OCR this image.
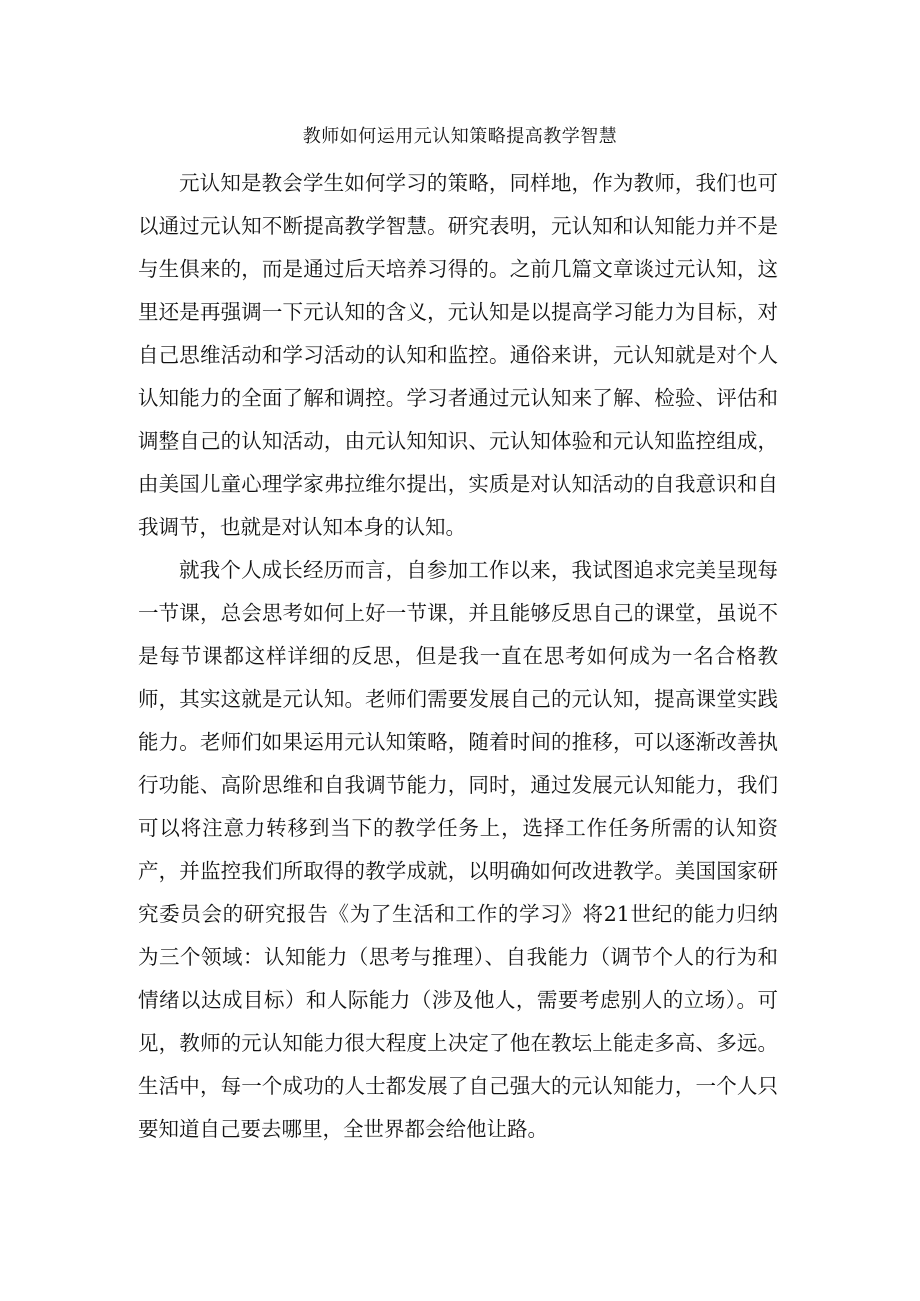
教师如何运用元认知策略提高教学智慧

元认知是教会学生如何学习的策略，同样地，作为教师，我们也可以通过元认知不断提高教学智慧。研究表明，元认知和认知能力并不是与生俱来的，而是通过后天培养习得的。之前几篇文章谈过元认知，这里还是再强调一下元认知的含义，元认知是以提高学习能力为目标，对自己思维活动和学习活动的认知和监控。通俗来讲，元认知就是对个人认知能力的全面了解和调控。学习者通过元认知来了解、检验、评估和调整自己的认知活动，由元认知知识、元认知体验和元认知监控组成，由美国儿童心理学家弗拉维尔提出，实质是对认知活动的自我意识和自我调节，也就是对认知本身的认知。

就我个人成长经历而言，自参加工作以来，我试图追求完美呈现每一节课，总会思考如何上好一节课，并且能够反思自己的课堂，虽说不是每节课都这样详细的反思，但是我一直在思考如何成为一名合格教师，其实这就是元认知。老师们需要发展自己的元认知，提高课堂实践能力。老师们如果运用元认知策略，随着时间的推移，可以逐渐改善执行功能、高阶思维和自我调节能力，同时，通过发展元认知能力，我们可以将注意力转移到当下的教学任务上，选择工作任务所需的认知资产，并监控我们所取得的教学成就，以明确如何改进教学。美国国家研究委员会的研究报告《为了生活和工作的学习》将21世纪的能力归纳为三个领域：认知能力（思考与推理）、自我能力（调节个人的行为和情绪以达成目标）和人际能力（涉及他人，需要考虑别人的立场）。可见，教师的元认知能力很大程度上决定了他在教坛上能走多高、多远。生活中，每一个成功的人士都发展了自己强大的元认知能力，一个人只要知道自己要去哪里，全世界都会给他让路。
